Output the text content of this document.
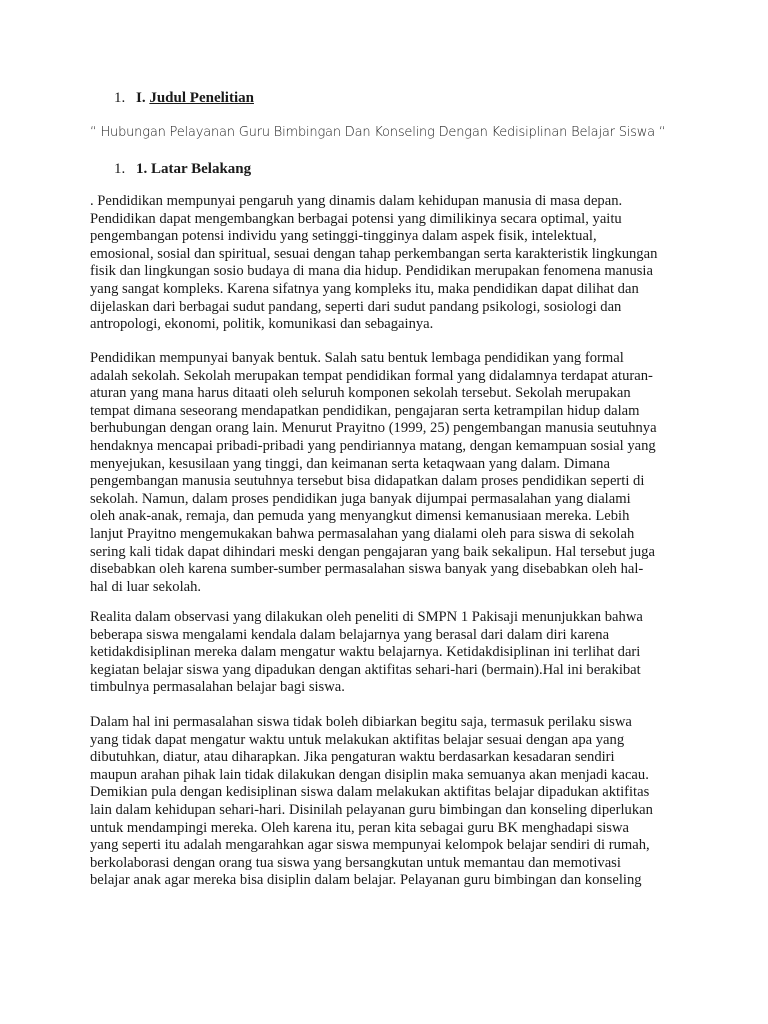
1. I. Judul Penelitian
“ Hubungan Pelayanan Guru Bimbingan Dan Konseling Dengan Kedisiplinan Belajar Siswa “
1. 1. Latar Belakang
. Pendidikan mempunyai pengaruh yang dinamis dalam kehidupan manusia di masa depan.
Pendidikan dapat mengembangkan berbagai potensi yang dimilikinya secara optimal, yaitu
pengembangan potensi individu yang setinggi-tingginya dalam aspek fisik, intelektual,
emosional, sosial dan spiritual, sesuai dengan tahap perkembangan serta karakteristik lingkungan
fisik dan lingkungan sosio budaya di mana dia hidup. Pendidikan merupakan fenomena manusia
yang sangat kompleks. Karena sifatnya yang kompleks itu, maka pendidikan dapat dilihat dan
dijelaskan dari berbagai sudut pandang, seperti dari sudut pandang psikologi, sosiologi dan
antropologi, ekonomi, politik, komunikasi dan sebagainya.
Pendidikan mempunyai banyak bentuk. Salah satu bentuk lembaga pendidikan yang formal
adalah sekolah. Sekolah merupakan tempat pendidikan formal yang didalamnya terdapat aturan-
aturan yang mana harus ditaati oleh seluruh komponen sekolah tersebut. Sekolah merupakan
tempat dimana seseorang mendapatkan pendidikan, pengajaran serta ketrampilan hidup dalam
berhubungan dengan orang lain. Menurut Prayitno (1999, 25) pengembangan manusia seutuhnya
hendaknya mencapai pribadi-pribadi yang pendiriannya matang, dengan kemampuan sosial yang
menyejukan, kesusilaan yang tinggi, dan keimanan serta ketaqwaan yang dalam. Dimana
pengembangan manusia seutuhnya tersebut bisa didapatkan dalam proses pendidikan seperti di
sekolah. Namun, dalam proses pendidikan juga banyak dijumpai permasalahan yang dialami
oleh anak-anak, remaja, dan pemuda yang menyangkut dimensi kemanusiaan mereka. Lebih
lanjut Prayitno mengemukakan bahwa permasalahan yang dialami oleh para siswa di sekolah
sering kali tidak dapat dihindari meski dengan pengajaran yang baik sekalipun. Hal tersebut juga
disebabkan oleh karena sumber-sumber permasalahan siswa banyak yang disebabkan oleh hal-
hal di luar sekolah.
Realita dalam observasi yang dilakukan oleh peneliti di SMPN 1 Pakisaji menunjukkan bahwa
beberapa siswa mengalami kendala dalam belajarnya yang berasal dari dalam diri karena
ketidakdisiplinan mereka dalam mengatur waktu belajarnya. Ketidakdisiplinan ini terlihat dari
kegiatan belajar siswa yang dipadukan dengan aktifitas sehari-hari (bermain).Hal ini berakibat
timbulnya permasalahan belajar bagi siswa.
Dalam hal ini permasalahan siswa tidak boleh dibiarkan begitu saja, termasuk perilaku siswa
yang tidak dapat mengatur waktu untuk melakukan aktifitas belajar sesuai dengan apa yang
dibutuhkan, diatur, atau diharapkan. Jika pengaturan waktu berdasarkan kesadaran sendiri
maupun arahan pihak lain tidak dilakukan dengan disiplin maka semuanya akan menjadi kacau.
Demikian pula dengan kedisiplinan siswa dalam melakukan aktifitas belajar dipadukan aktifitas
lain dalam kehidupan sehari-hari. Disinilah pelayanan guru bimbingan dan konseling diperlukan
untuk mendampingi mereka. Oleh karena itu, peran kita sebagai guru BK menghadapi siswa
yang seperti itu adalah mengarahkan agar siswa mempunyai kelompok belajar sendiri di rumah,
berkolaborasi dengan orang tua siswa yang bersangkutan untuk memantau dan memotivasi
belajar anak agar mereka bisa disiplin dalam belajar. Pelayanan guru bimbingan dan konseling
